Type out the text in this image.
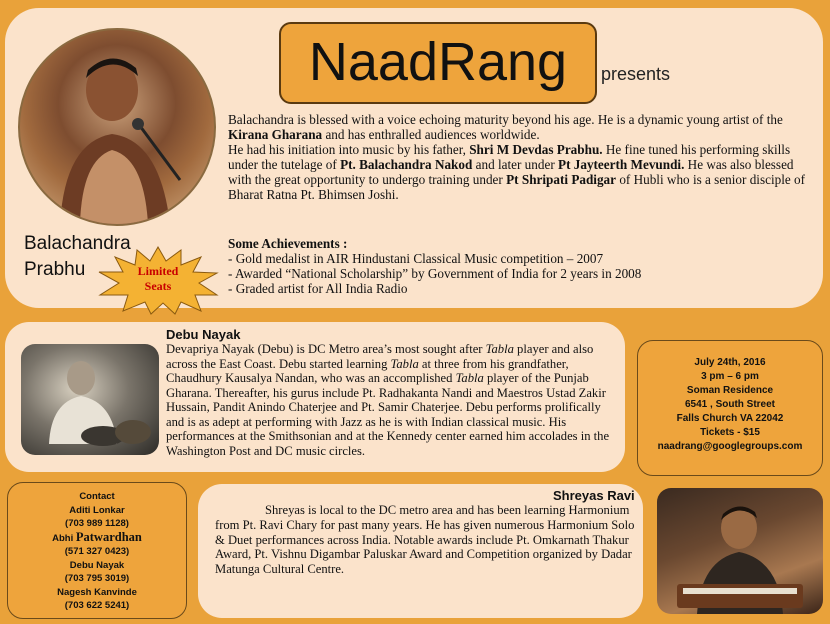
NaadRang	presents
Balachandra
Prabhu	Limited
Seats

Balachandra is blessed with a voice echoing maturity beyond his age. He is a dynamic young artist of the Kirana Gharana and has enthralled audiences worldwide.

He had his initiation into music by his father, Shri M Devdas Prabhu. He fine tuned his performing skills under the tutelage of Pt. Balachandra Nakod and later under Pt Jayteerth Mevundi. He was also blessed with the great opportunity to undergo training under Pt Shripati Padigar of Hubli who is a senior disciple of Bharat Ratna Pt. Bhimsen Joshi.

Some Achievements :
- Gold medalist in AIR Hindustani Classical Music competition – 2007
- Awarded “National Scholarship” by Government of India for 2 years in 2008
- Graded artist for All India Radio
Debu Nayak
Devapriya Nayak (Debu) is DC Metro area’s most sought after Tabla player and also across the East Coast. Debu started learning Tabla at three from his grandfather, Chaudhury Kausalya Nandan, who was an accomplished Tabla player of the Punjab Gharana. Thereafter, his gurus include Pt. Radhakanta Nandi and Maestros Ustad Zakir Hussain, Pandit Anindo Chaterjee and Pt. Samir Chaterjee. Debu performs prolifically and is as adept at performing with Jazz as he is with Indian classical music. His performances at the Smithsonian and at the Kennedy center earned him accolades in the Washington Post and DC music circles.
July 24th, 2016
3 pm – 6 pm
Soman Residence
6541 , South Street
Falls Church VA 22042
Tickets - $15
naadrang@googlegroups.com
Contact
Aditi Lonkar
(703 989 1128)
Abhi Patwardhan
(571 327 0423)
Debu Nayak
(703 795 3019)
Nagesh Kanvinde
(703 622 5241)
Shreyas Ravi
Shreyas is local to the DC metro area and has been learning Harmonium from Pt. Ravi Chary for past many years. He has given numerous Harmonium Solo & Duet performances across India. Notable awards include Pt. Omkarnath Thakur Award, Pt. Vishnu Digambar Paluskar Award and Competition organized by Dadar Matunga Cultural Centre.
